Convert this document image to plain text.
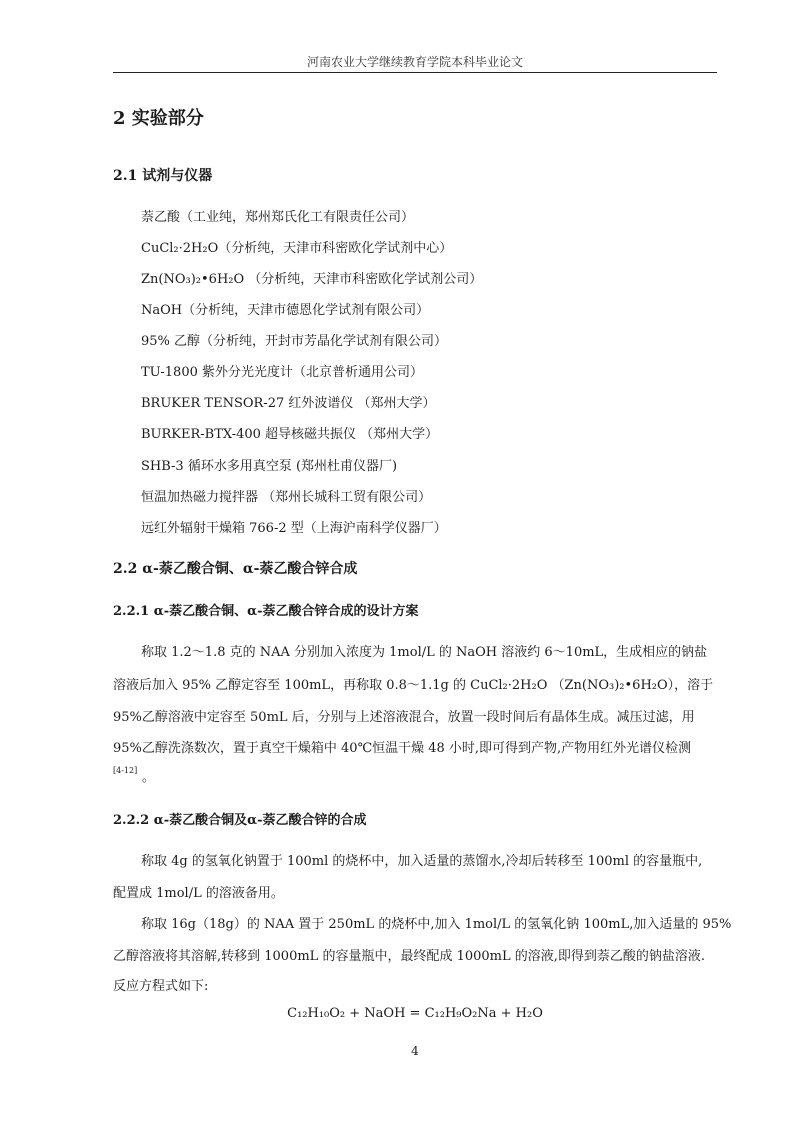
河南农业大学继续教育学院本科毕业论文
2 实验部分
2.1 试剂与仪器
萘乙酸（工业纯，郑州郑氏化工有限责任公司）
CuCl₂·2H₂O（分析纯，天津市科密欧化学试剂中心）
Zn(NO₃)₂•6H₂O （分析纯，天津市科密欧化学试剂公司）
NaOH（分析纯，天津市德恩化学试剂有限公司）
95% 乙醇（分析纯，开封市芳晶化学试剂有限公司）
TU-1800 紫外分光光度计（北京普析通用公司）
BRUKER TENSOR-27 红外波谱仪 （郑州大学）
BURKER-BTX-400 超导核磁共振仪 （郑州大学）
SHB-3 循环水多用真空泵 (郑州杜甫仪器厂)
恒温加热磁力搅拌器 （郑州长城科工贸有限公司）
远红外辐射干燥箱 766-2 型（上海沪南科学仪器厂）
2.2 α-萘乙酸合铜、α-萘乙酸合锌合成
2.2.1 α-萘乙酸合铜、α-萘乙酸合锌合成的设计方案
称取 1.2～1.8 克的 NAA 分别加入浓度为 1mol/L 的 NaOH 溶液约 6～10mL，生成相应的钠盐
溶液后加入 95% 乙醇定容至 100mL，再称取 0.8～1.1g 的 CuCl₂·2H₂O （Zn(NO₃)₂•6H₂O），溶于
95%乙醇溶液中定容至 50mL 后，分别与上述溶液混合，放置一段时间后有晶体生成。减压过滤，用
95%乙醇洗涤数次，置于真空干燥箱中 40℃恒温干燥 48 小时,即可得到产物,产物用红外光谱仪检测
[4-12] 。
2.2.2 α-萘乙酸合铜及α-萘乙酸合锌的合成
称取 4g 的氢氧化钠置于 100ml 的烧杯中，加入适量的蒸馏水,冷却后转移至 100ml 的容量瓶中,
配置成 1mol/L 的溶液备用。
称取 16g（18g）的 NAA 置于 250mL 的烧杯中,加入 1mol/L 的氢氧化钠 100mL,加入适量的 95%
乙醇溶液将其溶解,转移到 1000mL 的容量瓶中，最终配成 1000mL 的溶液,即得到萘乙酸的钠盐溶液.
反应方程式如下:
C₁₂H₁₀O₂ + NaOH = C₁₂H₉O₂Na + H₂O
4
